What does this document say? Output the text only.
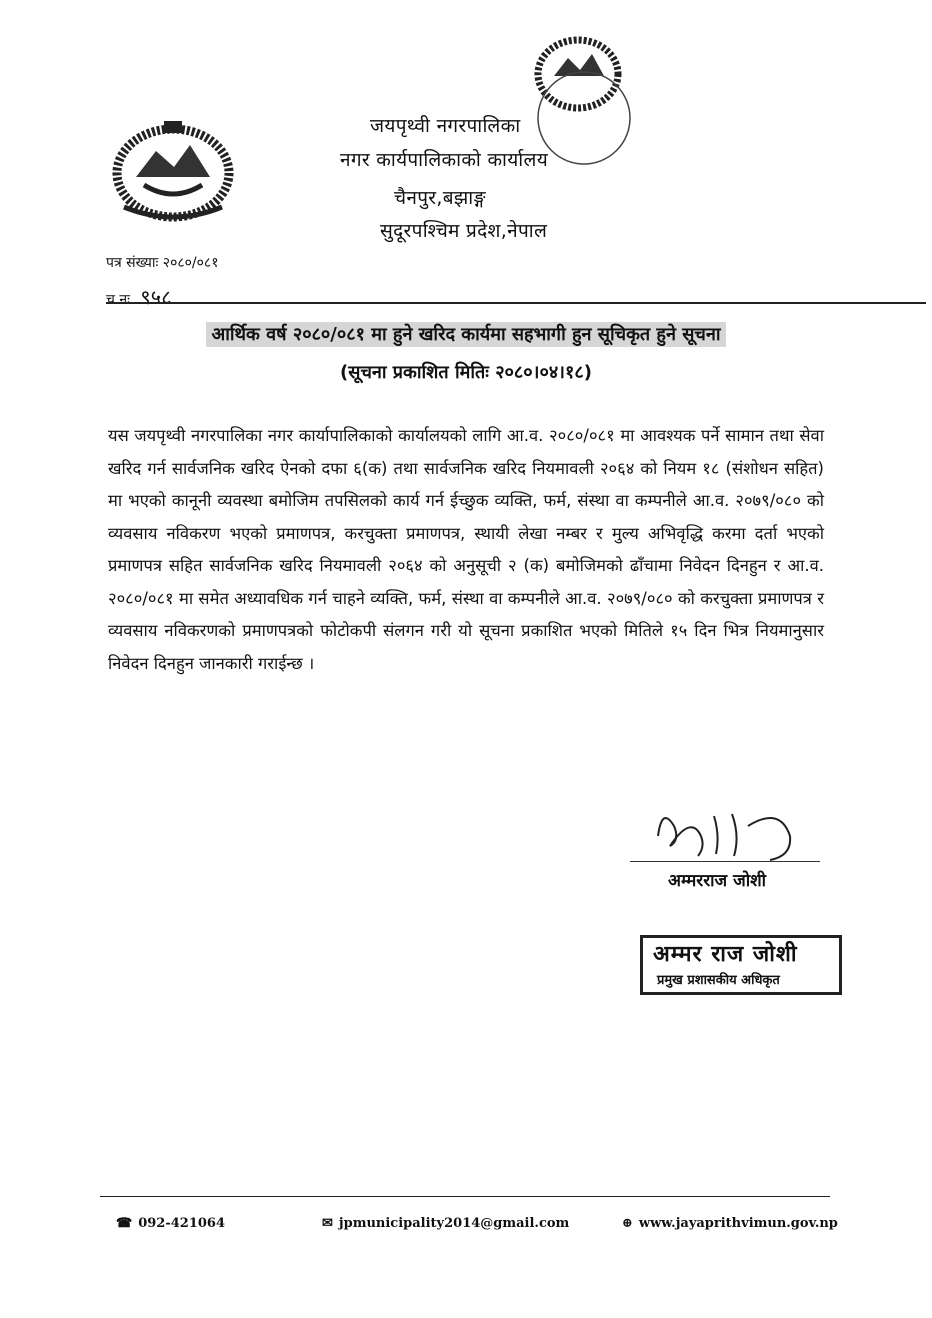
जयपृथ्वी नगरपालिका
नगर कार्यपालिकाको कार्यालय
चैनपुर,बझाङ्ग
सुदूरपश्चिम प्रदेश,नेपाल
पत्र संख्याः २०८०/०८१
च.नः ९५८
आर्थिक वर्ष २०८०/०८१ मा हुने खरिद कार्यमा सहभागी हुन सूचिकृत हुने सूचना
(सूचना प्रकाशित मितिः २०८०।०४।१८)
यस जयपृथ्वी नगरपालिका नगर कार्यापालिकाको कार्यालयको लागि आ.व. २०८०/०८१ मा आवश्यक पर्ने सामान तथा सेवा खरिद गर्न सार्वजनिक खरिद ऐनको दफा ६(क) तथा सार्वजनिक खरिद नियमावली २०६४ को नियम १८ (संशोधन सहित) मा भएको कानूनी व्यवस्था बमोजिम तपसिलको कार्य गर्न ईच्छुक व्यक्ति, फर्म, संस्था वा कम्पनीले आ.व. २०७९/०८० को व्यवसाय नविकरण भएको प्रमाणपत्र, करचुक्ता प्रमाणपत्र, स्थायी लेखा नम्बर र मुल्य अभिवृद्धि करमा दर्ता भएको प्रमाणपत्र सहित सार्वजनिक खरिद नियमावली २०६४ को अनुसूची २ (क) बमोजिमको ढाँचामा निवेदन दिनहुन र आ.व. २०८०/०८१ मा समेत अध्यावधिक गर्न चाहने व्यक्ति, फर्म, संस्था वा कम्पनीले आ.व. २०७९/०८० को करचुक्ता प्रमाणपत्र र व्यवसाय नविकरणको प्रमाणपत्रको फोटोकपी संलगन गरी यो सूचना प्रकाशित भएको मितिले १५ दिन भित्र नियमानुसार निवेदन दिनहुन जानकारी गराईन्छ ।
अम्मरराज जोशी
अम्मर राज जोशी
प्रमुख प्रशासकीय अधिकृत
☎ 092-421064	✉ jpmunicipality2014@gmail.com	⊕ www.jayaprithvimun.gov.np
